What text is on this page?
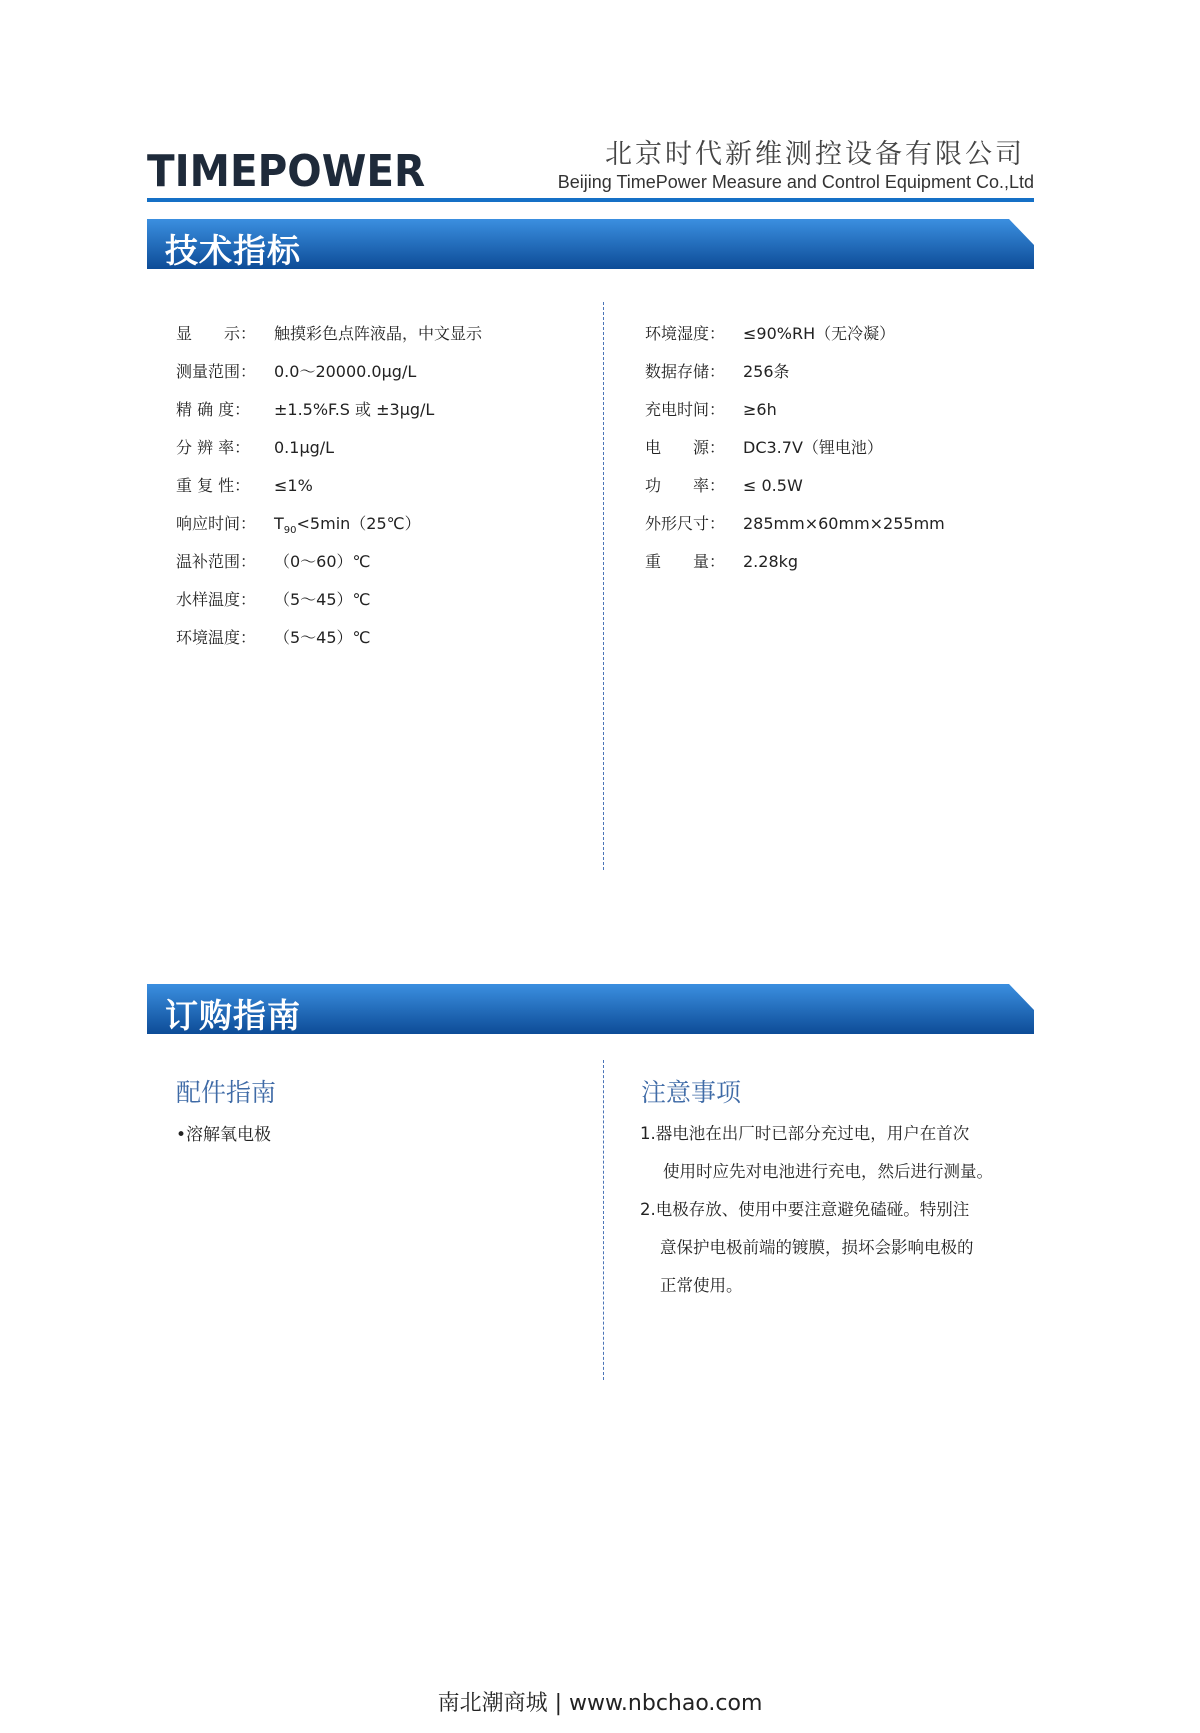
TIMEPOWER	北京时代新维测控设备有限公司
Beijing TimePower Measure and Control Equipment Co.,Ltd
技术指标
显　　示： 触摸彩色点阵液晶，中文显示
测量范围： 0.0～20000.0μg/L
精 确 度： ±1.5%F.S 或 ±3μg/L
分 辨 率： 0.1μg/L
重 复 性： ≤1%
响应时间： $T_{90}<5\min(25℃)$
温补范围： （0～60）℃
水样温度： （5～45）℃
环境温度： （5～45）℃
环境湿度： ≤90%RH（无冷凝）
数据存储： 256条
充电时间： ≥6h
电　　源： DC3.7V（锂电池）
功　　率： ≤ 0.5W
外形尺寸： 285mm×60mm×255mm
重　　量： 2.28kg
订购指南
配件指南
•溶解氧电极
注意事项
1.器电池在出厂时已部分充过电，用户在首次
使用时应先对电池进行充电，然后进行测量。
2.电极存放、使用中要注意避免磕碰。特别注
意保护电极前端的镀膜，损坏会影响电极的
正常使用。
南北潮商城 | www.nbchao.com
